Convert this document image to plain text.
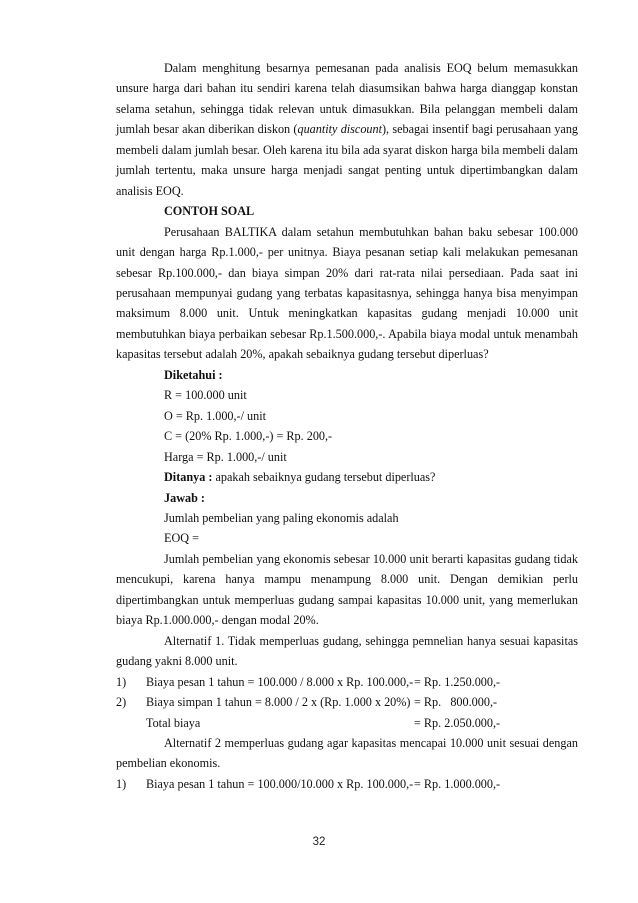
Dalam menghitung besarnya pemesanan pada analisis EOQ belum memasukkan unsure harga dari bahan itu sendiri karena telah diasumsikan bahwa harga dianggap konstan selama setahun, sehingga tidak relevan untuk dimasukkan. Bila pelanggan membeli dalam jumlah besar akan diberikan diskon (quantity discount), sebagai insentif bagi perusahaan yang membeli dalam jumlah besar. Oleh karena itu bila ada syarat diskon harga bila membeli dalam jumlah tertentu, maka unsure harga menjadi sangat penting untuk dipertimbangkan dalam analisis EOQ.

CONTOH SOAL

Perusahaan BALTIKA dalam setahun membutuhkan bahan baku sebesar 100.000 unit dengan harga Rp.1.000,- per unitnya. Biaya pesanan setiap kali melakukan pemesanan sebesar Rp.100.000,- dan biaya simpan 20% dari rat-rata nilai persediaan. Pada saat ini perusahaan mempunyai gudang yang terbatas kapasitasnya, sehingga hanya bisa menyimpan maksimum 8.000 unit. Untuk meningkatkan kapasitas gudang menjadi 10.000 unit membutuhkan biaya perbaikan sebesar Rp.1.500.000,-. Apabila biaya modal untuk menambah kapasitas tersebut adalah 20%, apakah sebaiknya gudang tersebut diperluas?

Diketahui :

R = 100.000 unit

O = Rp. 1.000,-/ unit

C = (20% Rp. 1.000,-) = Rp. 200,-

Harga = Rp. 1.000,-/ unit

Ditanya : apakah sebaiknya gudang tersebut diperluas?

Jawab :

Jumlah pembelian yang paling ekonomis adalah

EOQ =

Jumlah pembelian yang ekonomis sebesar 10.000 unit berarti kapasitas gudang tidak mencukupi, karena hanya mampu menampung 8.000 unit. Dengan demikian perlu dipertimbangkan untuk memperluas gudang sampai kapasitas 10.000 unit, yang memerlukan biaya Rp.1.000.000,- dengan modal 20%.

Alternatif 1. Tidak memperluas gudang, sehingga pemnelian hanya sesuai kapasitas gudang yakni 8.000 unit.

1)	Biaya pesan 1 tahun = 100.000 / 8.000 x Rp. 100.000,- = Rp. 1.250.000,-
2)	Biaya simpan 1 tahun = 8.000 / 2 x (Rp. 1.000 x 20%) = Rp.   800.000,-
Total biaya	= Rp. 2.050.000,-

Alternatif 2 memperluas gudang agar kapasitas mencapai 10.000 unit sesuai dengan pembelian ekonomis.

1)	Biaya pesan 1 tahun = 100.000/10.000 x Rp. 100.000,- = Rp. 1.000.000,-
32
